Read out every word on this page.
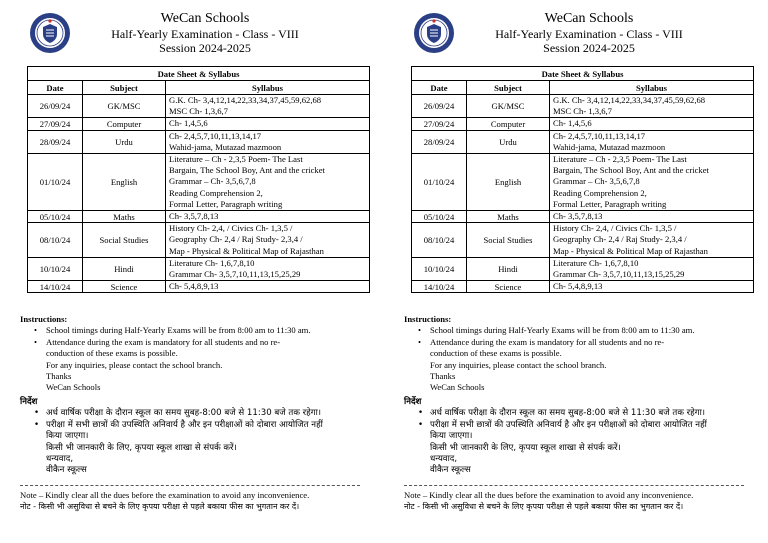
WeCan Schools
Half-Yearly Examination - Class - VIII
Session 2024-2025
Date Sheet & Syllabus		
Date	Subject	Syllabus
26/09/24	GK/MSC	G.K. Ch- 3,4,12,14,22,33,34,37,45,59,62,68
MSC Ch- 1,3,6,7

27/09/24	Computer	Ch- 1,4,5,6

28/09/24	Urdu	Ch- 2,4,5,7,10,11,13,14,17
Wahid-jama, Mutazad mazmoon

01/10/24	English	Literature – Ch - 2,3,5 Poem- The Last
Bargain, The School Boy, Ant and the cricket
Grammar – Ch- 3,5,6,7,8
Reading Comprehension 2,
Formal Letter, Paragraph writing

05/10/24	Maths	Ch- 3,5,7,8,13

08/10/24	Social Studies	History Ch- 2,4, / Civics Ch- 1,3,5 /
Geography Ch- 2,4 / Raj Study- 2,3,4 /
Map - Physical & Political Map of Rajasthan

10/10/24	Hindi	Literature Ch- 1,6,7,8,10
Grammar Ch- 3,5,7,10,11,13,15,25,29

14/10/24	Science	Ch- 5,4,8,9,13
Instructions:
• School timings during Half-Yearly Exams will be from 8:00 am to 11:30 am.
• Attendance during the exam is mandatory for all students and no re-
conduction of these exams is possible.
For any inquiries, please contact the school branch.
Thanks
WeCan Schools
निर्देश
• अर्ध वार्षिक परीक्षा के दौरान स्कूल का समय सुबह-8:00 बजे से 11:30 बजे तक रहेगा।
• परीक्षा में सभी छात्रों की उपस्थिति अनिवार्य है और इन परीक्षाओं को दोबारा आयोजित नहीं
किया जाएगा।
किसी भी जानकारी के लिए, कृपया स्कूल शाखा से संपर्क करें।
धन्यवाद,
वीकैन स्कूल्स
Note – Kindly clear all the dues before the examination to avoid any inconvenience.
नोट - किसी भी असुविधा से बचने के लिए कृपया परीक्षा से पहले बकाया फीस का भुगतान कर दें।
WeCan Schools
Half-Yearly Examination - Class - VIII
Session 2024-2025
Date Sheet & Syllabus		
Date	Subject	Syllabus
26/09/24	GK/MSC	G.K. Ch- 3,4,12,14,22,33,34,37,45,59,62,68
MSC Ch- 1,3,6,7

27/09/24	Computer	Ch- 1,4,5,6

28/09/24	Urdu	Ch- 2,4,5,7,10,11,13,14,17
Wahid-jama, Mutazad mazmoon

01/10/24	English	Literature – Ch - 2,3,5 Poem- The Last
Bargain, The School Boy, Ant and the cricket
Grammar – Ch- 3,5,6,7,8
Reading Comprehension 2,
Formal Letter, Paragraph writing

05/10/24	Maths	Ch- 3,5,7,8,13

08/10/24	Social Studies	History Ch- 2,4, / Civics Ch- 1,3,5 /
Geography Ch- 2,4 / Raj Study- 2,3,4 /
Map - Physical & Political Map of Rajasthan

10/10/24	Hindi	Literature Ch- 1,6,7,8,10
Grammar Ch- 3,5,7,10,11,13,15,25,29

14/10/24	Science	Ch- 5,4,8,9,13
Instructions:
• School timings during Half-Yearly Exams will be from 8:00 am to 11:30 am.
• Attendance during the exam is mandatory for all students and no re-
conduction of these exams is possible.
For any inquiries, please contact the school branch.
Thanks
WeCan Schools
निर्देश
• अर्ध वार्षिक परीक्षा के दौरान स्कूल का समय सुबह-8:00 बजे से 11:30 बजे तक रहेगा।
• परीक्षा में सभी छात्रों की उपस्थिति अनिवार्य है और इन परीक्षाओं को दोबारा आयोजित नहीं
किया जाएगा।
किसी भी जानकारी के लिए, कृपया स्कूल शाखा से संपर्क करें।
धन्यवाद,
वीकैन स्कूल्स
Note – Kindly clear all the dues before the examination to avoid any inconvenience.
नोट - किसी भी असुविधा से बचने के लिए कृपया परीक्षा से पहले बकाया फीस का भुगतान कर दें।
